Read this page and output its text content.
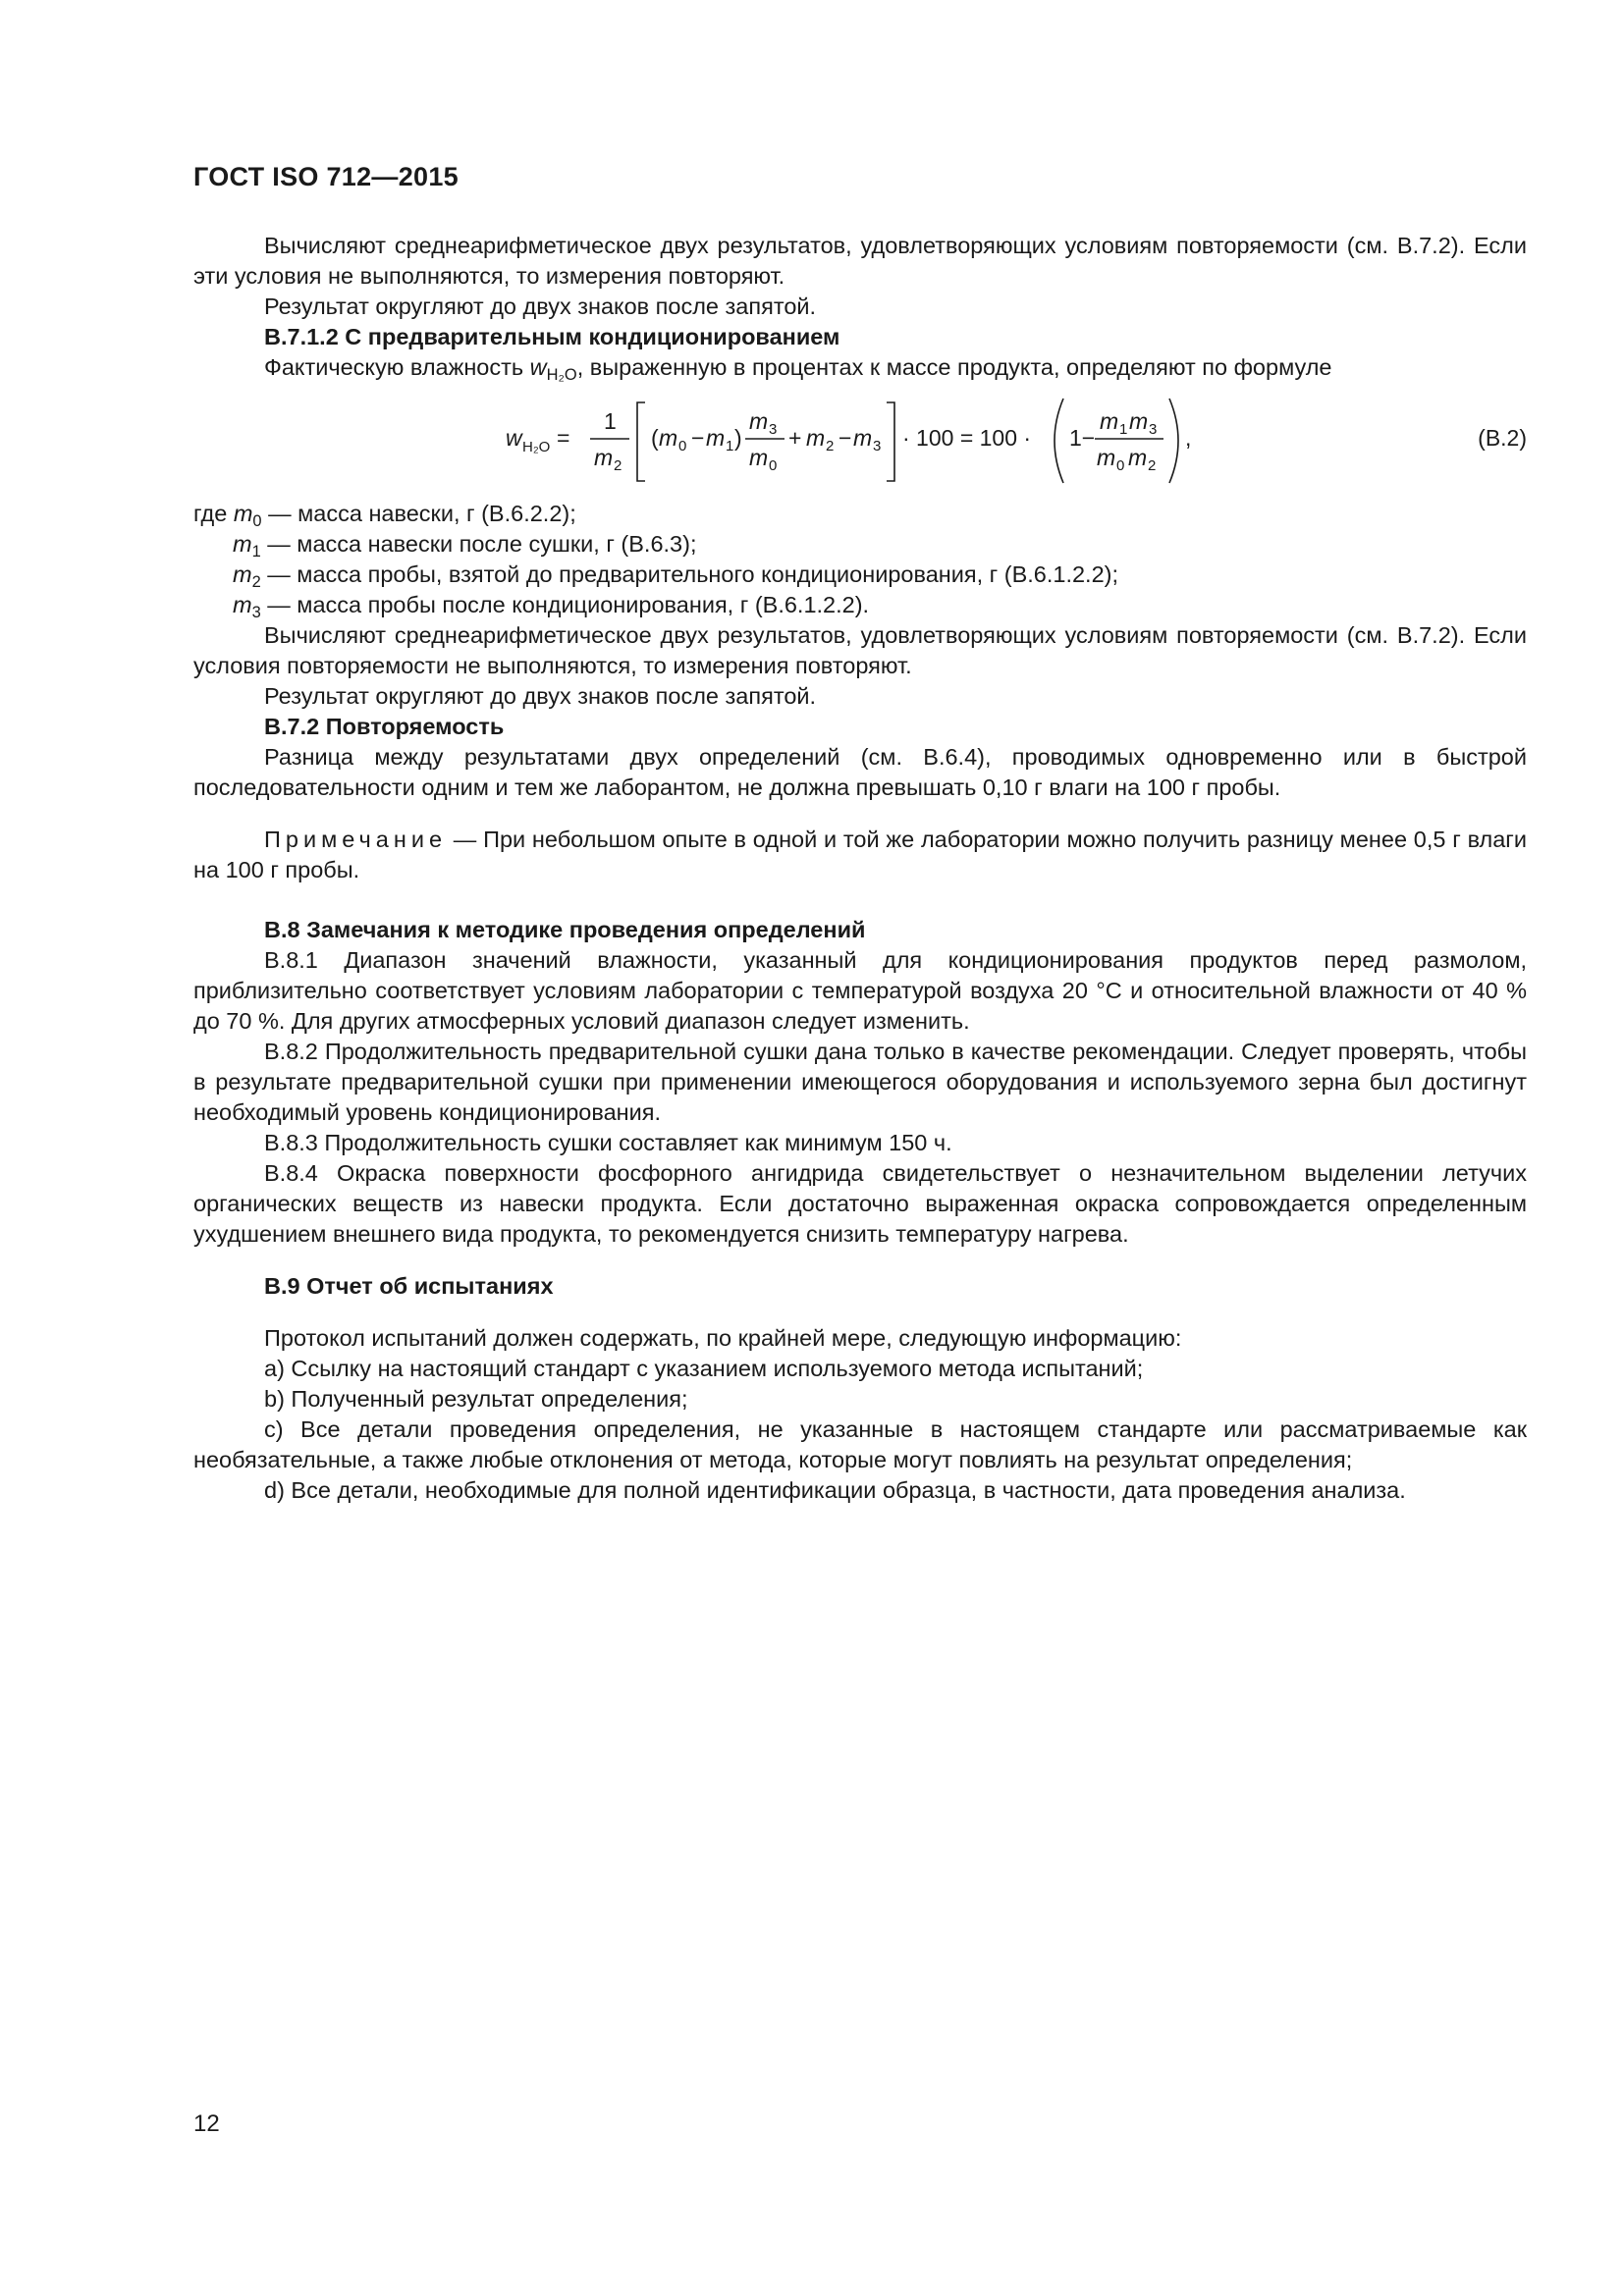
ГОСТ ISO 712—2015

Вычисляют среднеарифметическое двух результатов, удовлетворяющих условиям повторяемости (см. В.7.2). Если эти условия не выполняются, то измерения повторяют.

Результат округляют до двух знаков после запятой.

В.7.1.2 С предварительным кондиционированием

Фактическую влажность $w_{H_2O}$, выраженную в процентах к массе продукта, определяют по формуле

w H₂O =
1
m 2
( m 0 − m 1 )
m 3
m 0
+ m 2 − m 3 · 100 = 100 · 1−
m 1 m 3
m 0 m 2
,	(В.2)

где $m_0$ — масса навески, г (В.6.2.2);

$m_1$ — масса навески после сушки, г (В.6.3);

$m_2$ — масса пробы, взятой до предварительного кондиционирования, г (В.6.1.2.2);

$m_3$ — масса пробы после кондиционирования, г (В.6.1.2.2).

Вычисляют среднеарифметическое двух результатов, удовлетворяющих условиям повторяемости (см. В.7.2). Если условия повторяемости не выполняются, то измерения повторяют.

Результат округляют до двух знаков после запятой.

В.7.2 Повторяемость

Разница между результатами двух определений (см. В.6.4), проводимых одновременно или в быстрой последовательности одним и тем же лаборантом, не должна превышать 0,10 г влаги на 100 г пробы.

Примечание — При небольшом опыте в одной и той же лаборатории можно получить разницу менее 0,5 г влаги на 100 г пробы.

В.8 Замечания к методике проведения определений

В.8.1 Диапазон значений влажности, указанный для кондиционирования продуктов перед размолом, приблизительно соответствует условиям лаборатории с температурой воздуха 20 °С и относительной влажности от 40 % до 70 %. Для других атмосферных условий диапазон следует изменить.

В.8.2 Продолжительность предварительной сушки дана только в качестве рекомендации. Следует проверять, чтобы в результате предварительной сушки при применении имеющегося оборудования и используемого зерна был достигнут необходимый уровень кондиционирования.

В.8.3 Продолжительность сушки составляет как минимум 150 ч.

В.8.4 Окраска поверхности фосфорного ангидрида свидетельствует о незначительном выделении летучих органических веществ из навески продукта. Если достаточно выраженная окраска сопровождается определенным ухудшением внешнего вида продукта, то рекомендуется снизить температуру нагрева.

В.9 Отчет об испытаниях

Протокол испытаний должен содержать, по крайней мере, следующую информацию:

a) Ссылку на настоящий стандарт с указанием используемого метода испытаний;

b) Полученный результат определения;

c) Все детали проведения определения, не указанные в настоящем стандарте или рассматриваемые как необязательные, а также любые отклонения от метода, которые могут повлиять на результат определения;

d) Все детали, необходимые для полной идентификации образца, в частности, дата проведения анализа.

12
